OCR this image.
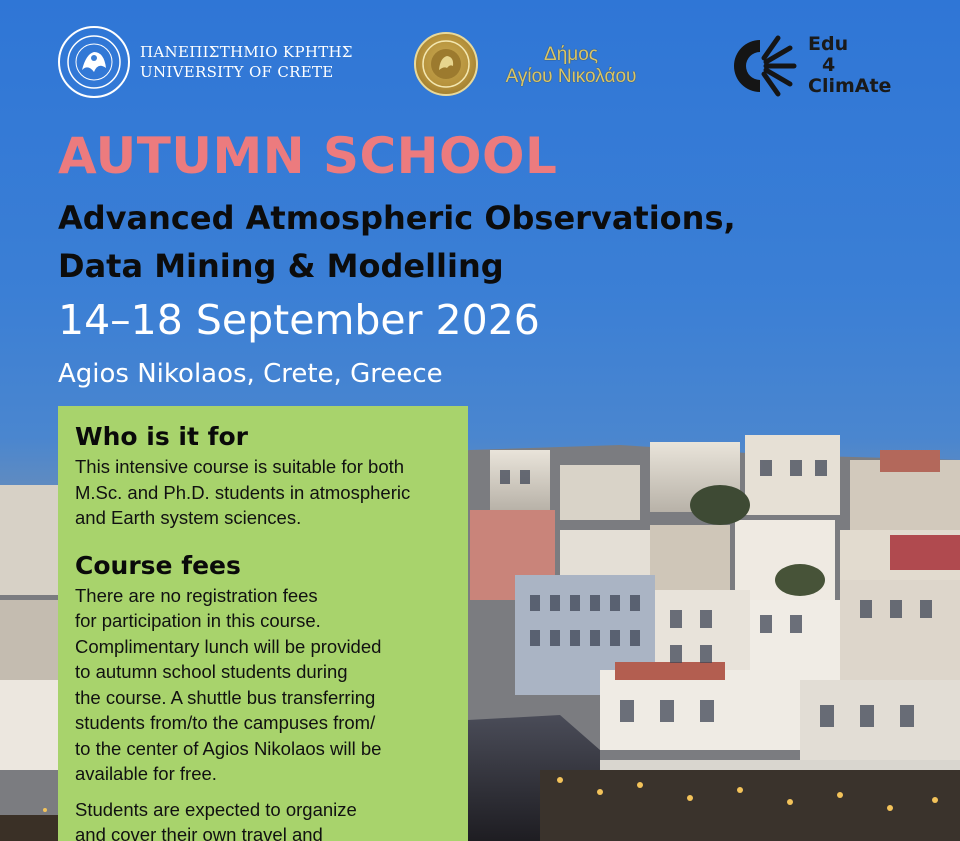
ΠΑΝΕΠΙΣΤΗΜΙΟ ΚΡΗΤΗΣ
UNIVERSITY OF CRETE
Δήμος
Αγίου Νικολάου
Edu
4
ClimAte
AUTUMN SCHOOL
Advanced Atmospheric Observations,
Data Mining & Modelling
14–18 September 2026
Agios Nikolaos, Crete, Greece
Who is it for

This intensive course is suitable for both

M.Sc. and Ph.D. students in atmospheric

and Earth system sciences.

Course fees

There are no registration fees

for participation in this course.

Complimentary lunch will be provided

to autumn school students during

the course. A shuttle bus transferring

students from/to the campuses from/

to the center of Agios Nikolaos will be

available for free.

Students are expected to organize

and cover their own travel and
